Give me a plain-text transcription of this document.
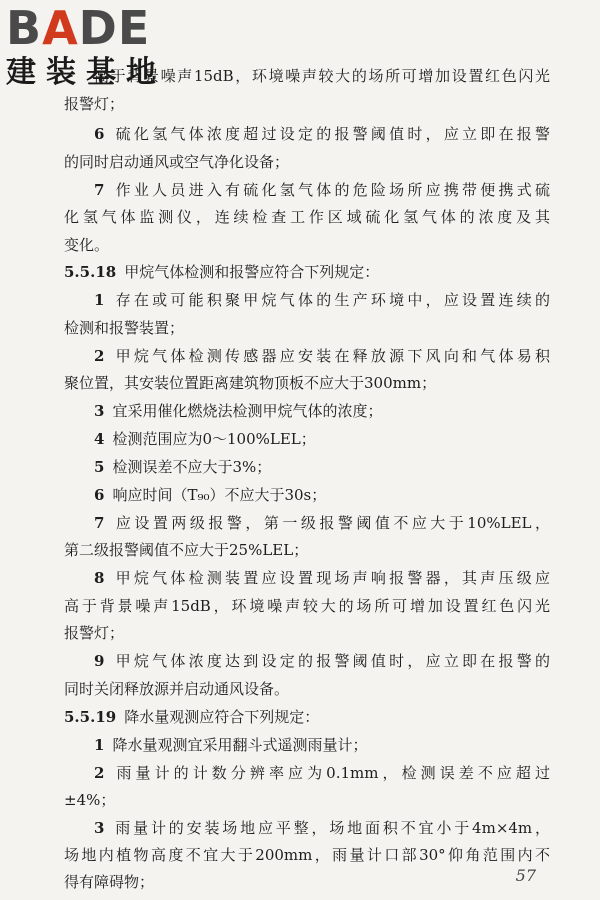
BADE
建装基地
高于背景噪声15dB，环境噪声较大的场所可增加设置红色闪光
报警灯；
6 硫化氢气体浓度超过设定的报警阈值时，应立即在报警
的同时启动通风或空气净化设备；
7 作业人员进入有硫化氢气体的危险场所应携带便携式硫
化氢气体监测仪，连续检查工作区域硫化氢气体的浓度及其
变化。
5.5.18 甲烷气体检测和报警应符合下列规定：
1 存在或可能积聚甲烷气体的生产环境中，应设置连续的
检测和报警装置；
2 甲烷气体检测传感器应安装在释放源下风向和气体易积
聚位置，其安装位置距离建筑物顶板不应大于300mm；
3 宜采用催化燃烧法检测甲烷气体的浓度；
4 检测范围应为0～100%LEL；
5 检测误差不应大于3%；
6 响应时间（T₉₀）不应大于30s；
7 应设置两级报警，第一级报警阈值不应大于10%LEL，
第二级报警阈值不应大于25%LEL；
8 甲烷气体检测装置应设置现场声响报警器，其声压级应
高于背景噪声15dB，环境噪声较大的场所可增加设置红色闪光
报警灯；
9 甲烷气体浓度达到设定的报警阈值时，应立即在报警的
同时关闭释放源并启动通风设备。
5.5.19 降水量观测应符合下列规定：
1 降水量观测宜采用翻斗式遥测雨量计；
2 雨量计的计数分辨率应为0.1mm，检测误差不应超过
±4%；
3 雨量计的安装场地应平整，场地面积不宜小于4m×4m，
场地内植物高度不宜大于200mm，雨量计口部30°仰角范围内不
得有障碍物；	57
